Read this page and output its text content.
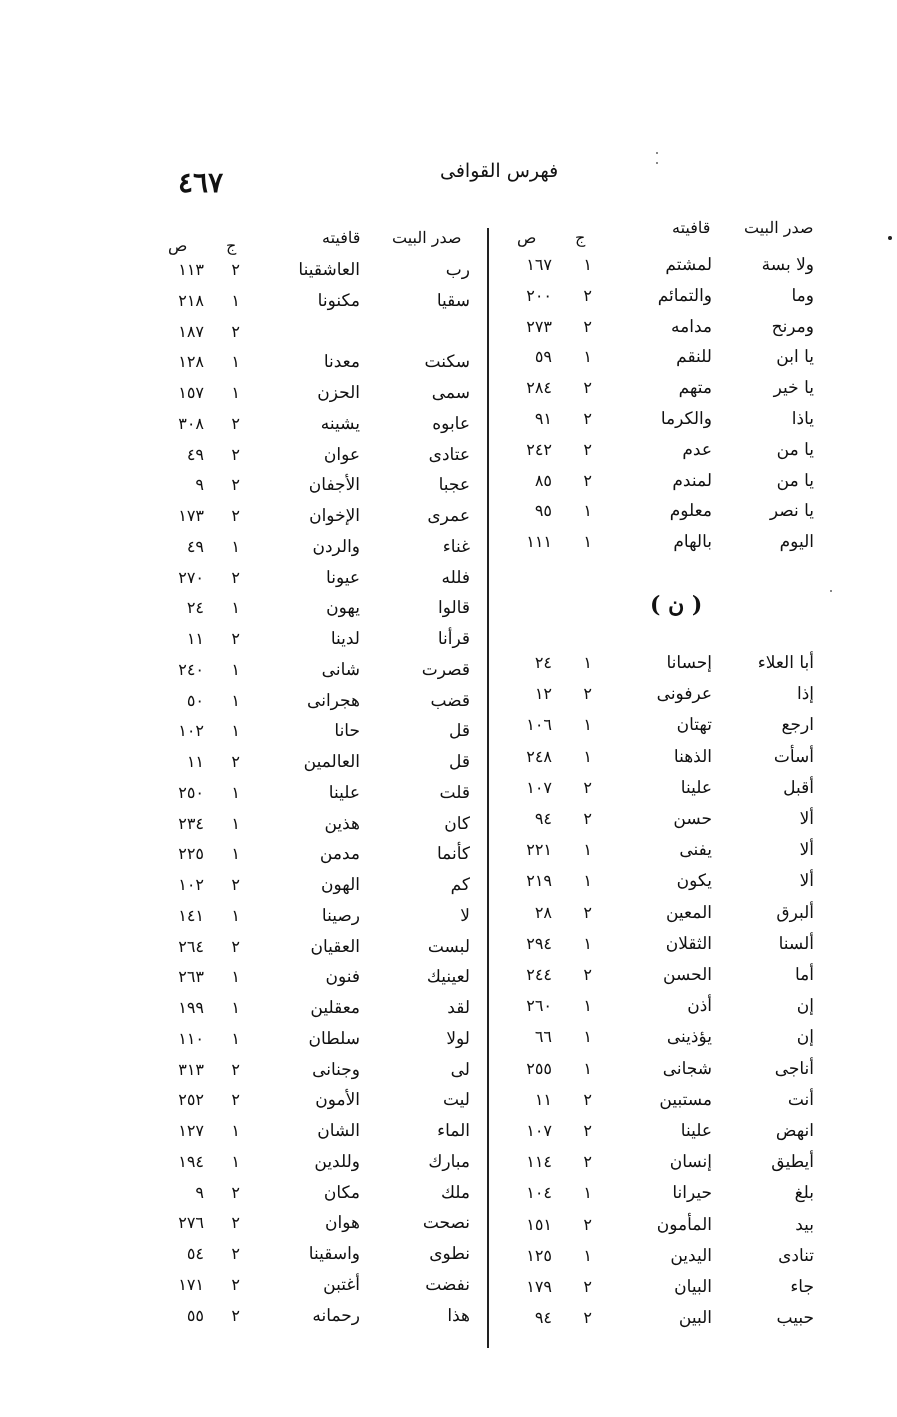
٤٦٧	فهرس القوافى
صدر البيت
قافيته
ج
ص
صدر البيت
قافيته
ج
ص
( ن )
ولا بسة
لمشتم
١
١٦٧
وما
والتمائم
٢
٢٠٠
ومرنح
مدامه
٢
٢٧٣
يا ابن
للنقم
١
٥٩
يا خير
متهم
٢
٢٨٤
ياذا
والكرما
٢
٩١
يا من
عدم
٢
٢٤٢
يا من
لمندم
٢
٨٥
يا نصر
معلوم
١
٩٥
اليوم
بالهام
١
١١١
أبا العلاء
إحسانا
١
٢٤
إذا
عرفونى
٢
١٢
ارجع
تهتان
١
١٠٦
أسأت
الذهنا
١
٢٤٨
أقبل
علينا
٢
١٠٧
ألا
حسن
٢
٩٤
ألا
يفنى
١
٢٢١
ألا
يكون
١
٢١٩
ألبرق
المعين
٢
٢٨
ألسنا
الثقلان
١
٢٩٤
أما
الحسن
٢
٢٤٤
إن
أذن
١
٢٦٠
إن
يؤذينى
١
٦٦
أناجى
شجانى
١
٢٥٥
أنت
مستبين
٢
١١
انهض
علينا
٢
١٠٧
أيطيق
إنسان
٢
١١٤
بلغ
حيرانا
١
١٠٤
بيد
المأمون
٢
١٥١
تنادى
اليدين
١
١٢٥
جاء
البيان
٢
١٧٩
حبيب
البين
٢
٩٤
رب
العاشقينا
٢
١١٣
سقيا
مكنونا
١
٢١٨
٢
١٨٧
سكنت
معدنا
١
١٢٨
سمى
الحزن
١
١٥٧
عابوه
يشينه
٢
٣٠٨
عتادى
عوان
٢
٤٩
عجبا
الأجفان
٢
٩
عمرى
الإخوان
٢
١٧٣
غناء
والردن
١
٤٩
فلله
عيونا
٢
٢٧٠
قالوا
يهون
١
٢٤
قرأنا
لدينا
٢
١١
قصرت
شانى
١
٢٤٠
قضب
هجرانى
١
٥٠
قل
حانا
١
١٠٢
قل
العالمين
٢
١١
قلت
علينا
١
٢٥٠
كان
هذين
١
٢٣٤
كأنما
مدمن
١
٢٢٥
كم
الهون
٢
١٠٢
لا
رصينا
١
١٤١
لبست
العقيان
٢
٢٦٤
لعينيك
فنون
١
٢٦٣
لقد
معقلين
١
١٩٩
لولا
سلطان
١
١١٠
لى
وجنانى
٢
٣١٣
ليت
الأمون
٢
٢٥٢
الماء
الشان
١
١٢٧
مبارك
وللدين
١
١٩٤
ملك
مكان
٢
٩
نصحت
هوان
٢
٢٧٦
نطوى
واسقينا
٢
٥٤
نفضت
أغتبن
٢
١٧١
هذا
رحمانه
٢
٥٥
